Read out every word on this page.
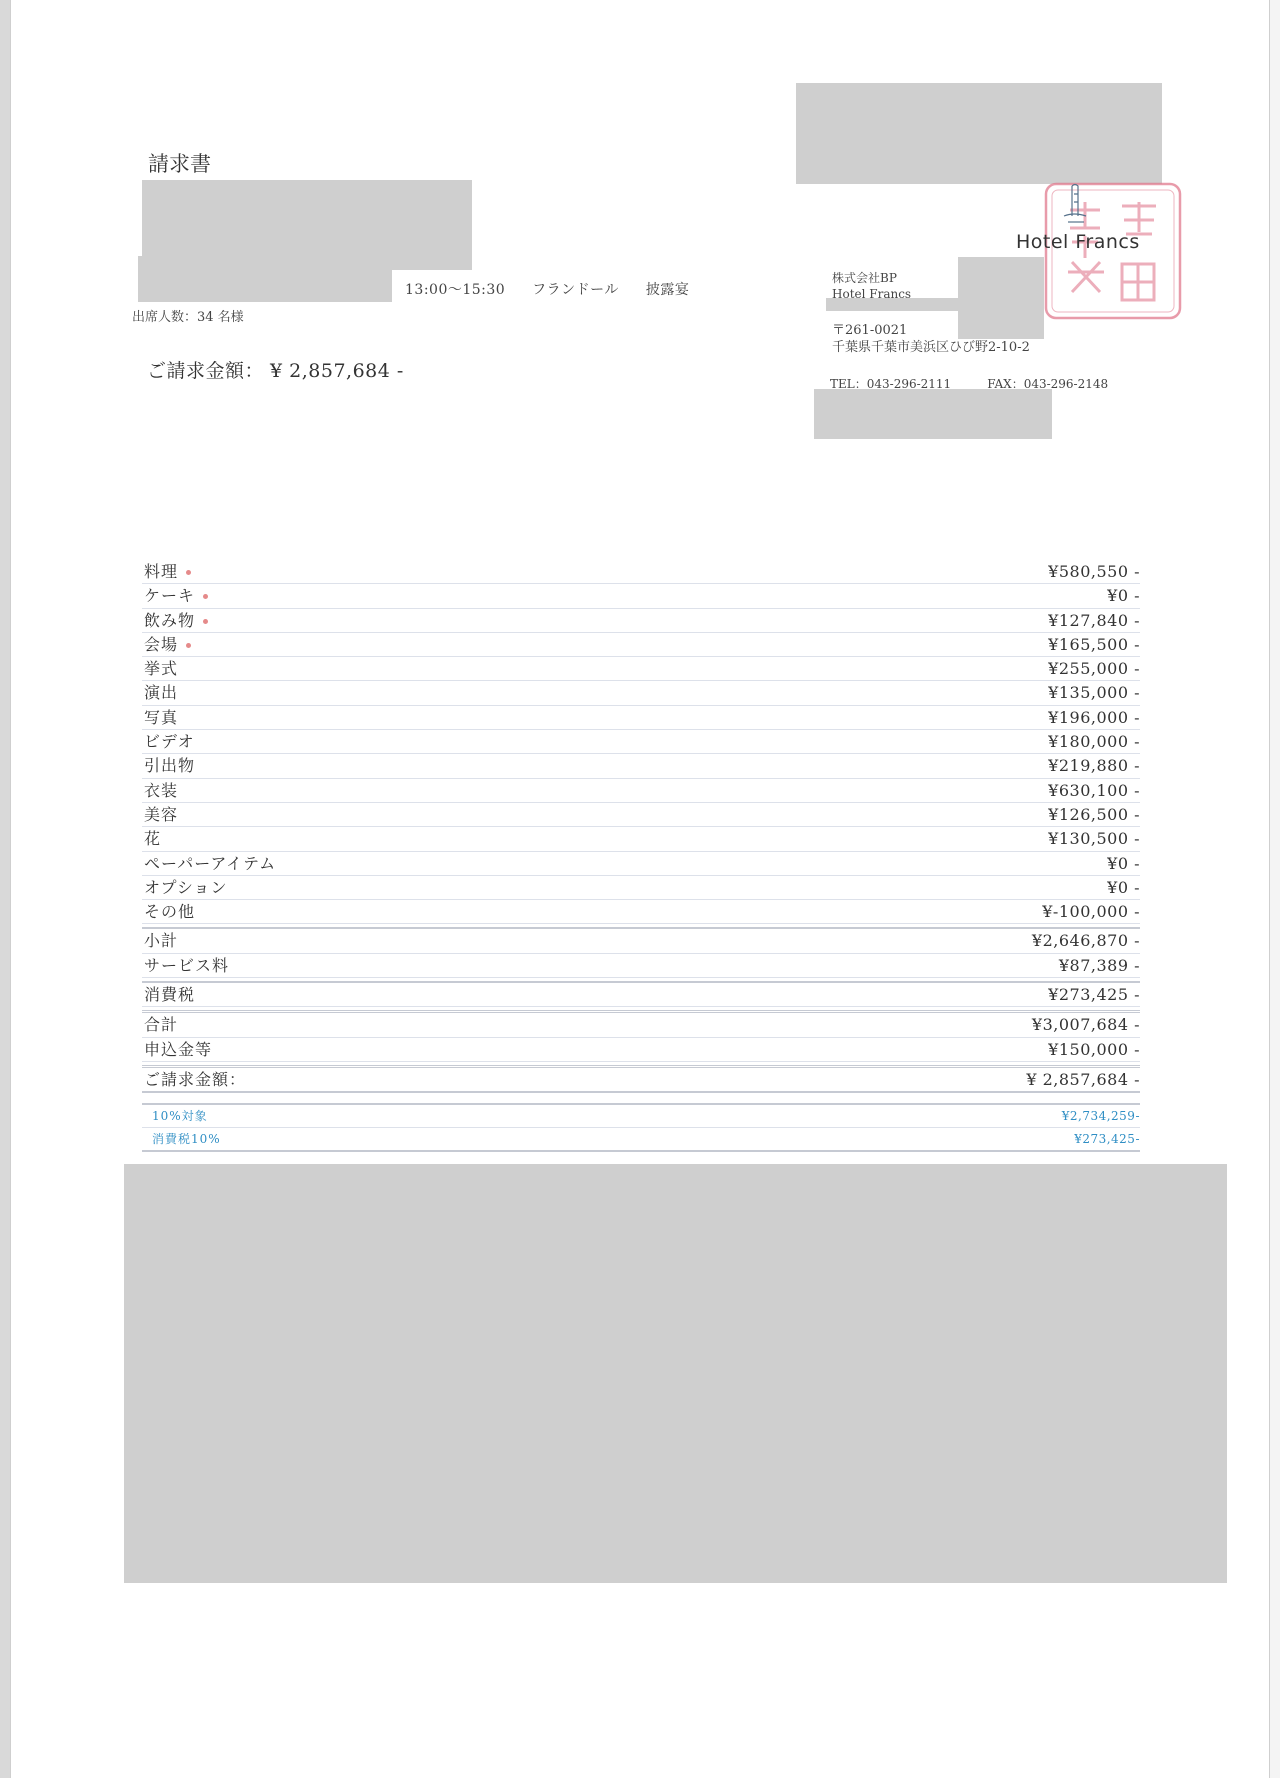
請求書
13:00〜15:30 フランドール 披露宴
出席人数：34 名様
ご請求金額： ¥ 2,857,684 -
Hotel Francs
株式会社BP
Hotel Francs
〒261-0021
千葉県千葉市美浜区ひび野2-10-2
TEL：043-296-2111	FAX：043-296-2148
料理	¥580,550 -
ケーキ	¥0 -
飲み物	¥127,840 -
会場	¥165,500 -
挙式	¥255,000 -
演出	¥135,000 -
写真	¥196,000 -
ビデオ	¥180,000 -
引出物	¥219,880 -
衣装	¥630,100 -
美容	¥126,500 -
花	¥130,500 -
ペーパーアイテム	¥0 -
オプション	¥0 -
その他	¥-100,000 -
小計	¥2,646,870 -
サービス料	¥87,389 -
消費税	¥273,425 -
合計	¥3,007,684 -
申込金等	¥150,000 -
ご請求金額：	¥ 2,857,684 -
10%対象	¥2,734,259-
消費税10%	¥273,425-
